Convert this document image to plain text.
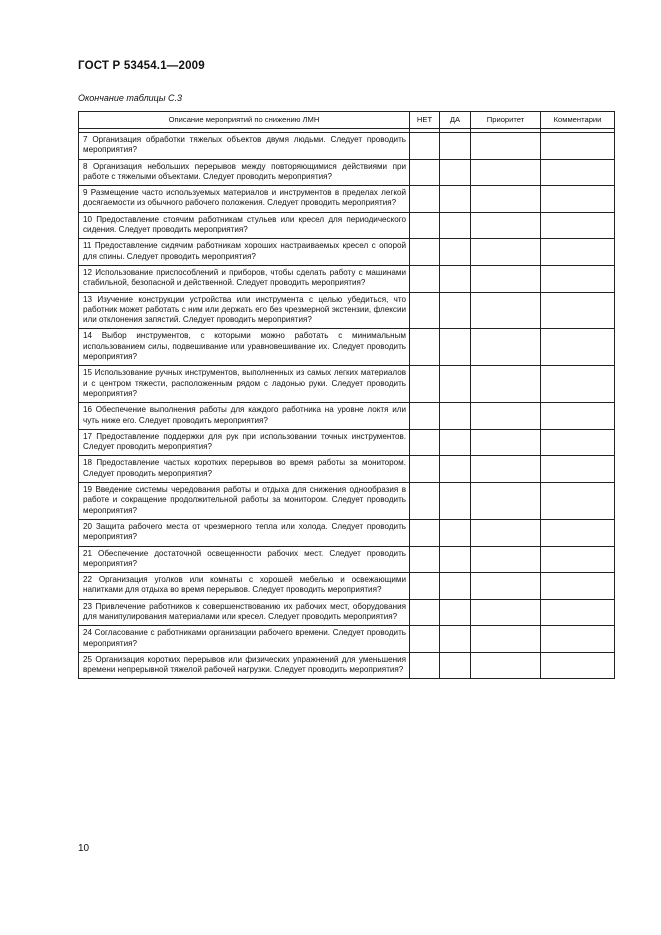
ГОСТ Р 53454.1—2009
Окончание таблицы С.3
Описание мероприятий по снижению ЛМН	НЕТ	ДА	Приоритет	Комментарии

7 Организация обработки тяжелых объектов двумя людьми. Следует проводить мероприятия?				
8 Организация небольших перерывов между повторяющимися действиями при работе с тяжелыми объектами. Следует проводить мероприятия?				
9 Размещение часто используемых материалов и инструментов в пределах легкой досягаемости из обычного рабочего положения. Следует проводить мероприятия?				
10 Предоставление стоячим работникам стульев или кресел для периодического сидения. Следует проводить мероприятия?				
11 Предоставление сидячим работникам хороших настраиваемых кресел с опорой для спины. Следует проводить мероприятия?				
12 Использование приспособлений и приборов, чтобы сделать работу с машинами стабильной, безопасной и действенной. Следует проводить мероприятия?				
13 Изучение конструкции устройства или инструмента с целью убедиться, что работник может работать с ним или держать его без чрезмерной экстензии, флексии или отклонения запястий. Следует проводить мероприятия?				
14 Выбор инструментов, с которыми можно работать с минимальным использованием силы, подвешивание или уравновешивание их. Следует проводить мероприятия?				
15 Использование ручных инструментов, выполненных из самых легких материалов и с центром тяжести, расположенным рядом с ладонью руки. Следует проводить мероприятия?				
16 Обеспечение выполнения работы для каждого работника на уровне локтя или чуть ниже его. Следует проводить мероприятия?				
17 Предоставление поддержки для рук при использовании точных инструментов. Следует проводить мероприятия?				
18 Предоставление частых коротких перерывов во время работы за монитором. Следует проводить мероприятия?				
19 Введение системы чередования работы и отдыха для снижения однообразия в работе и сокращение продолжительной работы за монитором. Следует проводить мероприятия?				
20 Защита рабочего места от чрезмерного тепла или холода. Следует проводить мероприятия?				
21 Обеспечение достаточной освещенности рабочих мест. Следует проводить мероприятия?				
22 Организация уголков или комнаты с хорошей мебелью и освежающими напитками для отдыха во время перерывов. Следует проводить мероприятия?				
23 Привлечение работников к совершенствованию их рабочих мест, оборудования для манипулирования материалами или кресел. Следует проводить мероприятия?				
24 Согласование с работниками организации рабочего времени. Следует проводить мероприятия?				
25 Организация коротких перерывов или физических упражнений для уменьшения времени непрерывной тяжелой рабочей нагрузки. Следует проводить мероприятия?				
10
